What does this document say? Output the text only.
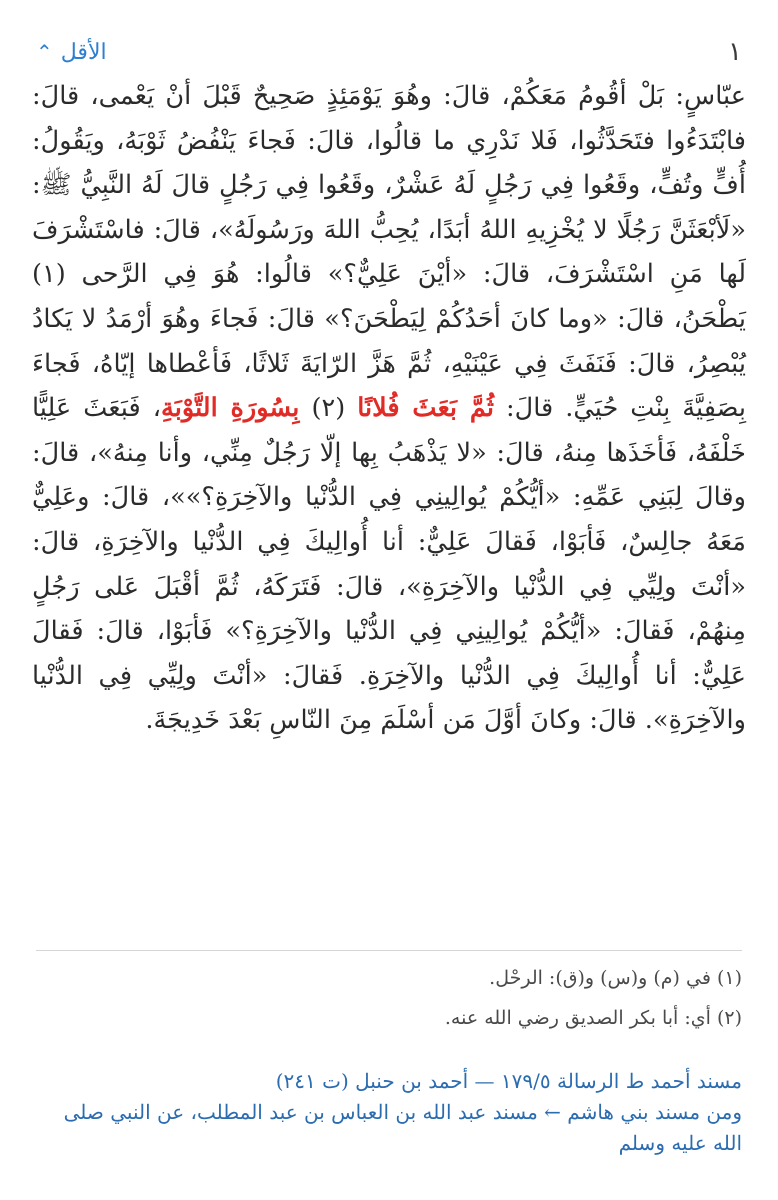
⌃ الأقل	١

عبّاسٍ: بَلْ أقُومُ مَعَكُمْ، قالَ: وهُوَ يَوْمَئِذٍ صَحِيحٌ قَبْلَ أنْ يَعْمى، قالَ: فابْتَدَءُوا فتَحَدَّثُوا، فَلا نَدْرِي ما قالُوا، قالَ: فَجاءَ يَنْفُضُ ثَوْبَهُ، ويَقُولُ: أُفٍّ وتُفٍّ، وقَعُوا فِي رَجُلٍ لَهُ عَشْرٌ، وقَعُوا فِي رَجُلٍ قالَ لَهُ النَّبِيُّ ﷺ: «لَأبْعَثَنَّ رَجُلًا لا يُخْزِيهِ اللهُ أبَدًا، يُحِبُّ اللهَ ورَسُولَهُ»، قالَ: فاسْتَشْرَفَ لَها مَنِ اسْتَشْرَفَ، قالَ: «أيْنَ عَلِيٌّ؟» قالُوا: هُوَ فِي الرَّحى (١) يَطْحَنُ، قالَ: «وما كانَ أحَدُكُمْ لِيَطْحَنَ؟» قالَ: فَجاءَ وهُوَ أرْمَدُ لا يَكادُ يُبْصِرُ، قالَ: فَنَفَثَ فِي عَيْنَيْهِ، ثُمَّ هَزَّ الرّايَةَ ثَلاثًا، فَأعْطاها إيّاهُ، فَجاءَ بِصَفِيَّةَ بِنْتِ حُيَيٍّ. قالَ: ثُمَّ بَعَثَ فُلانًا (٢) بِسُورَةِ التَّوْبَةِ، فَبَعَثَ عَلِيًّا خَلْفَهُ، فَأخَذَها مِنهُ، قالَ: «لا يَذْهَبُ بِها إلّا رَجُلٌ مِنِّي، وأنا مِنهُ»، قالَ: وقالَ لِبَنِي عَمِّهِ: «أيُّكُمْ يُوالِينِي فِي الدُّنْيا والآخِرَةِ؟»»، قالَ: وعَلِيٌّ مَعَهُ جالِسٌ، فَأبَوْا، فَقالَ عَلِيٌّ: أنا أُوالِيكَ فِي الدُّنْيا والآخِرَةِ، قالَ: «أنْتَ ولِيِّي فِي الدُّنْيا والآخِرَةِ»، قالَ: فَتَرَكَهُ، ثُمَّ أقْبَلَ عَلى رَجُلٍ مِنهُمْ، فَقالَ: «أيُّكُمْ يُوالِينِي فِي الدُّنْيا والآخِرَةِ؟» فَأبَوْا، قالَ: فَقالَ عَلِيٌّ: أنا أُوالِيكَ فِي الدُّنْيا والآخِرَةِ. فَقالَ: «أنْتَ ولِيِّي فِي الدُّنْيا والآخِرَةِ». قالَ: وكانَ أوَّلَ مَن أسْلَمَ مِنَ النّاسِ بَعْدَ خَدِيجَةَ.

(١) في (م) و(س) و(ق): الرحْل.
(٢) أي: أبا بكر الصديق رضي الله عنه.
مسند أحمد ط الرسالة ١٧٩/٥ — أحمد بن حنبل (ت ٢٤١)
ومن مسند بني هاشم ← مسند عبد الله بن العباس بن عبد المطلب، عن النبي صلى الله عليه وسلم
